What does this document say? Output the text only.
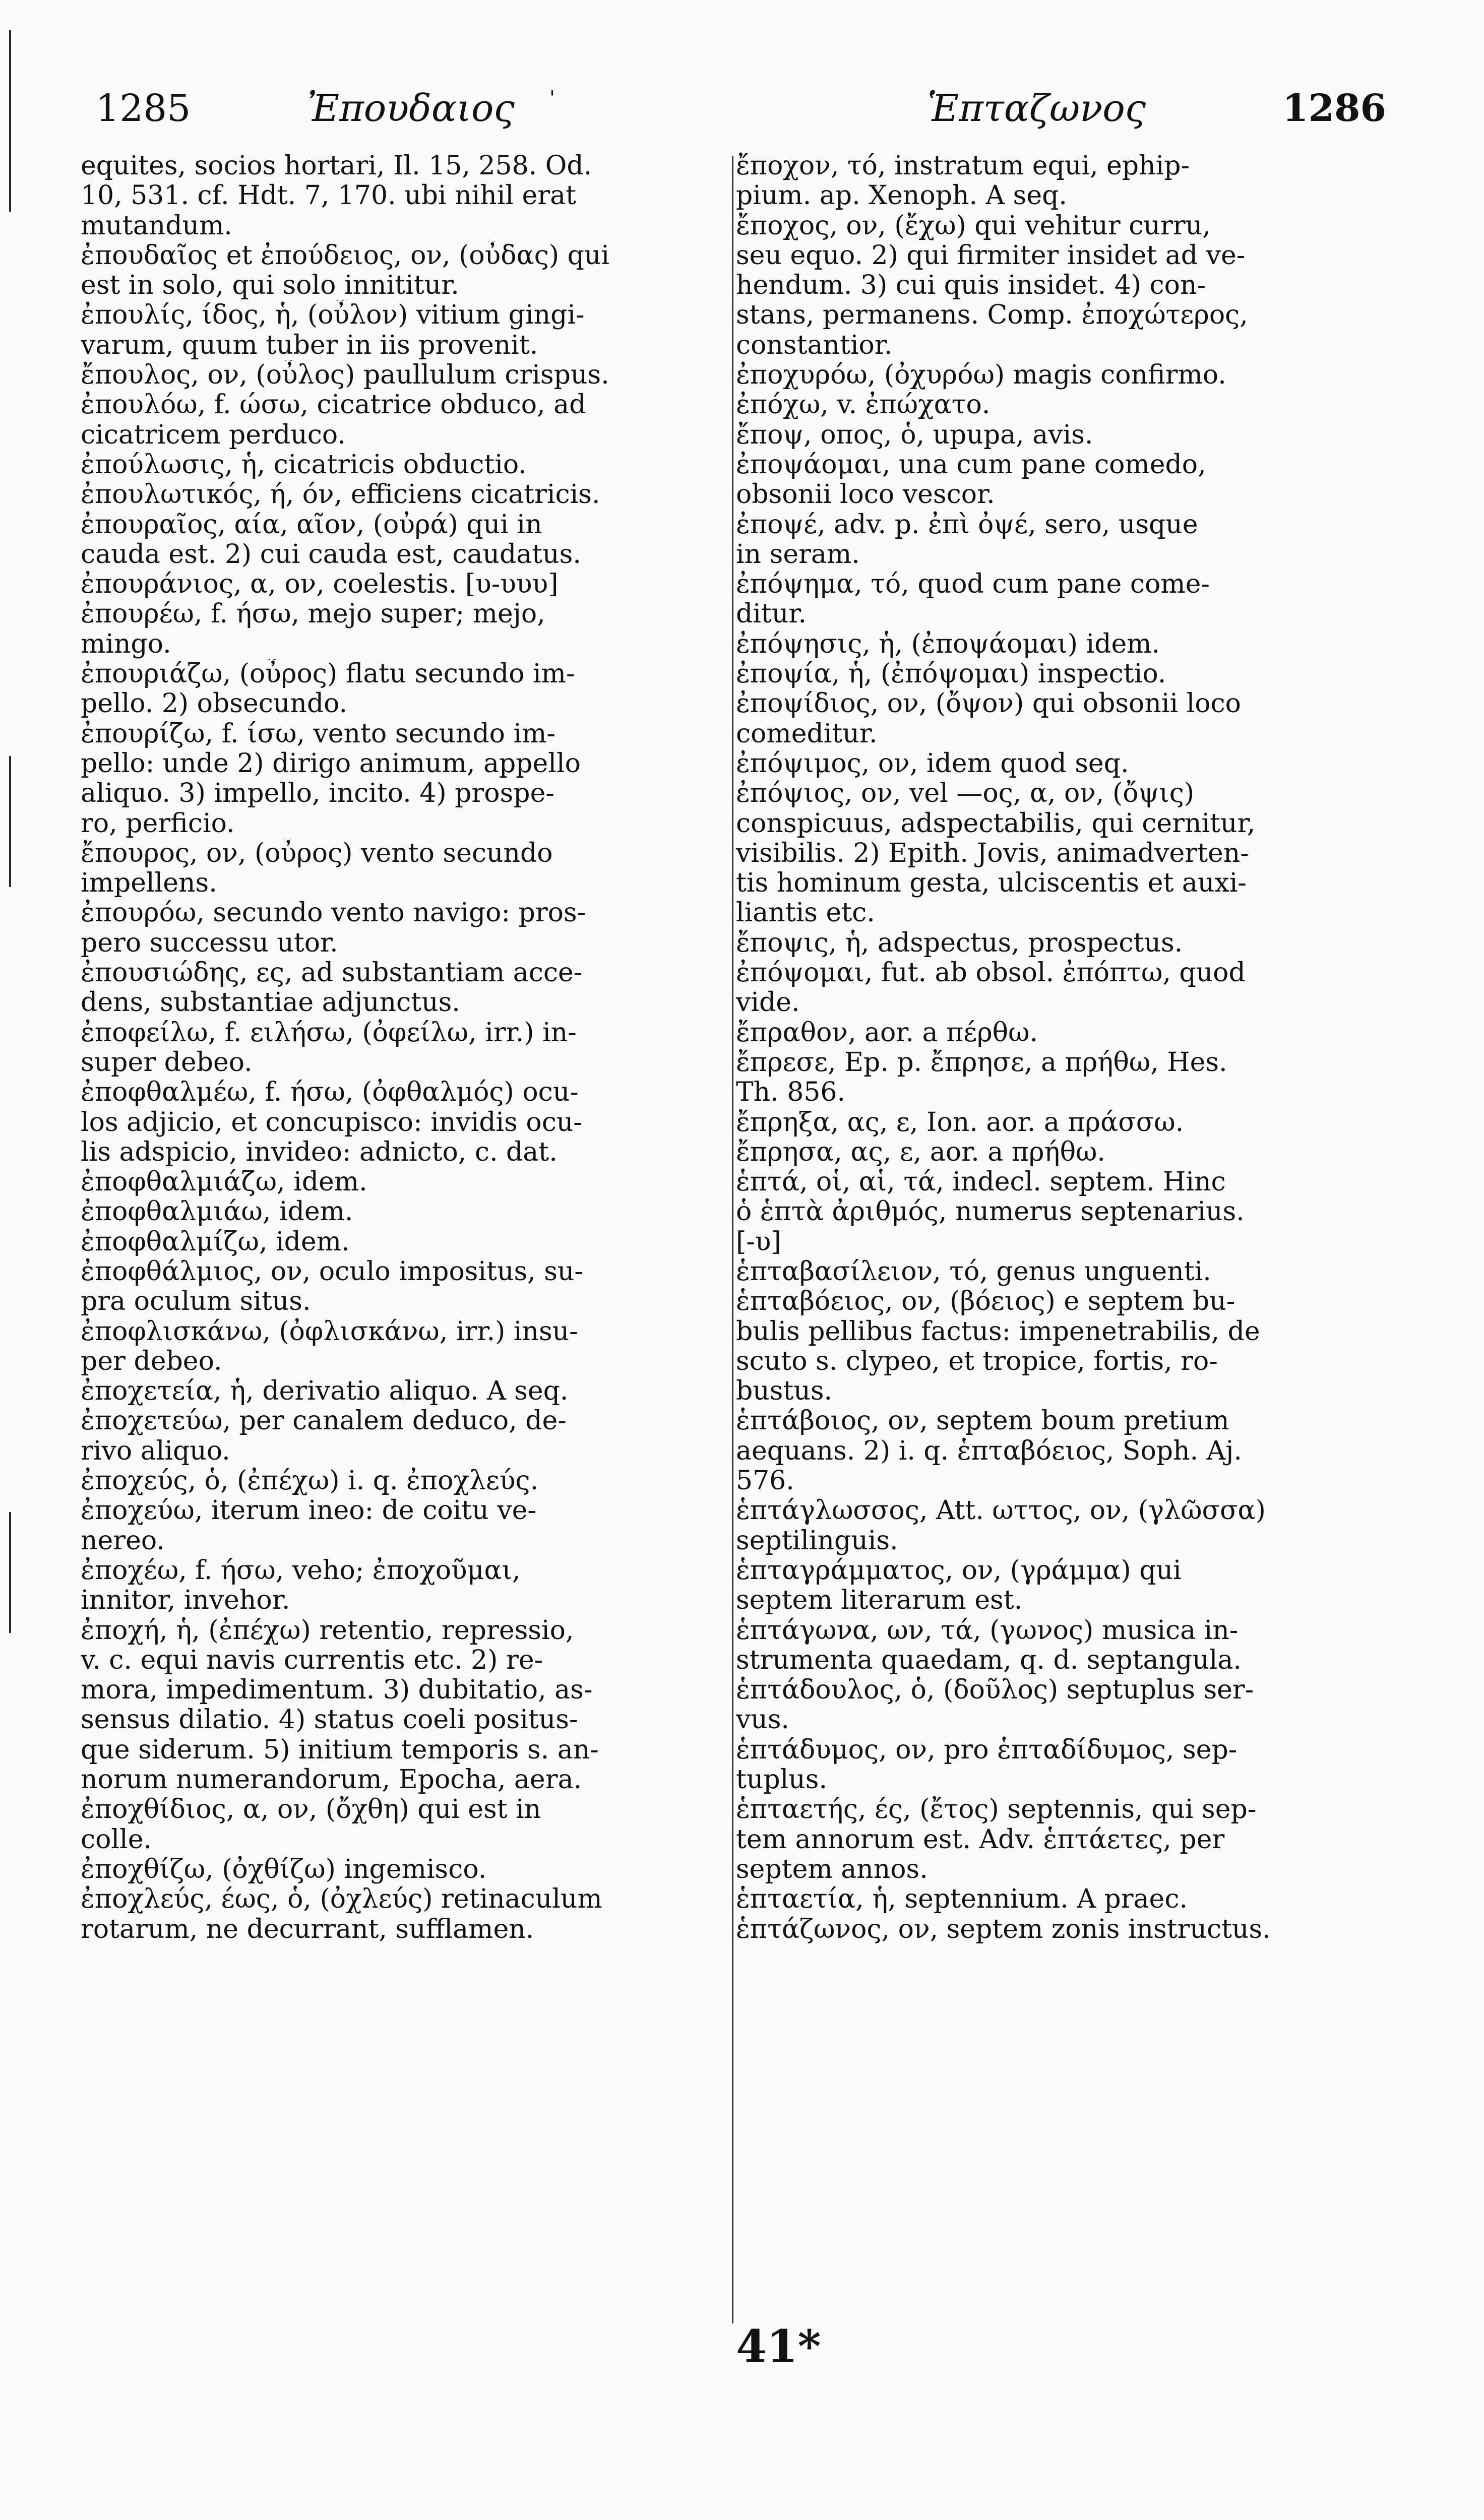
1285	Ἐπουδαιος '	Ἑπταζωνος	1286
equites, socios hortari, Il. 15, 258. Od.
10, 531. cf. Hdt. 7, 170. ubi nihil erat
mutandum.
ἐπουδαῖος et ἐπούδειος, ον, (οὖδας) qui
est in solo, qui solo innititur.
ἐπουλίς, ίδος, ἡ, (οὖλον) vitium gingi-
varum, quum tuber in iis provenit.
ἔπουλος, ον, (οὖλος) paullulum crispus.
ἐπουλόω, f. ώσω, cicatrice obduco, ad
cicatricem perduco.
ἐπούλωσις, ἡ, cicatricis obductio.
ἐπουλωτικός, ή, όν, efficiens cicatricis.
ἐπουραῖος, αία, αῖον, (οὐρά) qui in
cauda est. 2) cui cauda est, caudatus.
ἐπουράνιος, α, ον, coelestis. [υ-υυυ]
ἐπουρέω, f. ήσω, mejo super; mejo,
mingo.
ἐπουριάζω, (οὖρος) flatu secundo im-
pello. 2) obsecundo.
ἐπουρίζω, f. ίσω, vento secundo im-
pello: unde 2) dirigo animum, appello
aliquo. 3) impello, incito. 4) prospe-
ro, perficio.
ἔπουρος, ον, (οὖρος) vento secundo
impellens.
ἐπουρόω, secundo vento navigo: pros-
pero successu utor.
ἐπουσιώδης, ες, ad substantiam acce-
dens, substantiae adjunctus.
ἐποφείλω, f. ειλήσω, (ὀφείλω, irr.) in-
super debeo.
ἐποφθαλμέω, f. ήσω, (ὀφθαλμός) ocu-
los adjicio, et concupisco: invidis ocu-
lis adspicio, invideo: adnicto, c. dat.
ἐποφθαλμιάζω, idem.
ἐποφθαλμιάω, idem.
ἐποφθαλμίζω, idem.
ἐποφθάλμιος, ον, oculo impositus, su-
pra oculum situs.
ἐποφλισκάνω, (ὀφλισκάνω, irr.) insu-
per debeo.
ἐποχετεία, ἡ, derivatio aliquo. A seq.
ἐποχετεύω, per canalem deduco, de-
rivo aliquo.
ἐποχεύς, ὁ, (ἐπέχω) i. q. ἐποχλεύς.
ἐποχεύω, iterum ineo: de coitu ve-
nereo.
ἐποχέω, f. ήσω, veho; ἐποχοῦμαι,
innitor, invehor.
ἐποχή, ἡ, (ἐπέχω) retentio, repressio,
v. c. equi navis currentis etc. 2) re-
mora, impedimentum. 3) dubitatio, as-
sensus dilatio. 4) status coeli positus-
que siderum. 5) initium temporis s. an-
norum numerandorum, Epocha, aera.
ἐποχθίδιος, α, ον, (ὄχθη) qui est in
colle.
ἐποχθίζω, (ὀχθίζω) ingemisco.
ἐποχλεύς, έως, ὁ, (ὀχλεύς) retinaculum
rotarum, ne decurrant, sufflamen.
ἔποχον, τό, instratum equi, ephip-
pium. ap. Xenoph. A seq.
ἔποχος, ον, (ἔχω) qui vehitur curru,
seu equo. 2) qui firmiter insidet ad ve-
hendum. 3) cui quis insidet. 4) con-
stans, permanens. Comp. ἐποχώτερος,
constantior.
ἐποχυρόω, (ὀχυρόω) magis confirmo.
ἐπόχω, v. ἐπώχατο.
ἔποψ, οπος, ὁ, upupa, avis.
ἐποψάομαι, una cum pane comedo,
obsonii loco vescor.
ἐποψέ, adv. p. ἐπὶ ὀψέ, sero, usque
in seram.
ἐπόψημα, τό, quod cum pane come-
ditur.
ἐπόψησις, ἡ, (ἐποψάομαι) idem.
ἐποψία, ἡ, (ἐπόψομαι) inspectio.
ἐποψίδιος, ον, (ὄψον) qui obsonii loco
comeditur.
ἐπόψιμος, ον, idem quod seq.
ἐπόψιος, ον, vel —ος, α, ον, (ὄψις)
conspicuus, adspectabilis, qui cernitur,
visibilis. 2) Epith. Jovis, animadverten-
tis hominum gesta, ulciscentis et auxi-
liantis etc.
ἔποψις, ἡ, adspectus, prospectus.
ἐπόψομαι, fut. ab obsol. ἐπόπτω, quod
vide.
ἔπραθον, aor. a πέρθω.
ἔπρεσε, Ep. p. ἔπρησε, a πρήθω, Hes.
Th. 856.
ἔπρηξα, ας, ε, Ion. aor. a πράσσω.
ἔπρησα, ας, ε, aor. a πρήθω.
ἑπτά, οἱ, αἱ, τά, indecl. septem. Hinc
ὁ ἑπτὰ ἀριθμός, numerus septenarius.
[-υ]
ἑπταβασίλειον, τό, genus unguenti.
ἑπταβόειος, ον, (βόειος) e septem bu-
bulis pellibus factus: impenetrabilis, de
scuto s. clypeo, et tropice, fortis, ro-
bustus.
ἑπτάβοιος, ον, septem boum pretium
aequans. 2) i. q. ἑπταβόειος, Soph. Aj.
576.
ἑπτάγλωσσος, Att. ωττος, ον, (γλῶσσα)
septilinguis.
ἑπταγράμματος, ον, (γράμμα) qui
septem literarum est.
ἑπτάγωνα, ων, τά, (γωνος) musica in-
strumenta quaedam, q. d. septangula.
ἑπτάδουλος, ὁ, (δοῦλος) septuplus ser-
vus.
ἑπτάδυμος, ον, pro ἑπταδίδυμος, sep-
tuplus.
ἑπταετής, ές, (ἔτος) septennis, qui sep-
tem annorum est. Adv. ἑπτάετες, per
septem annos.
ἑπταετία, ἡ, septennium. A praec.
ἑπτάζωνος, ον, septem zonis instructus.
41*
